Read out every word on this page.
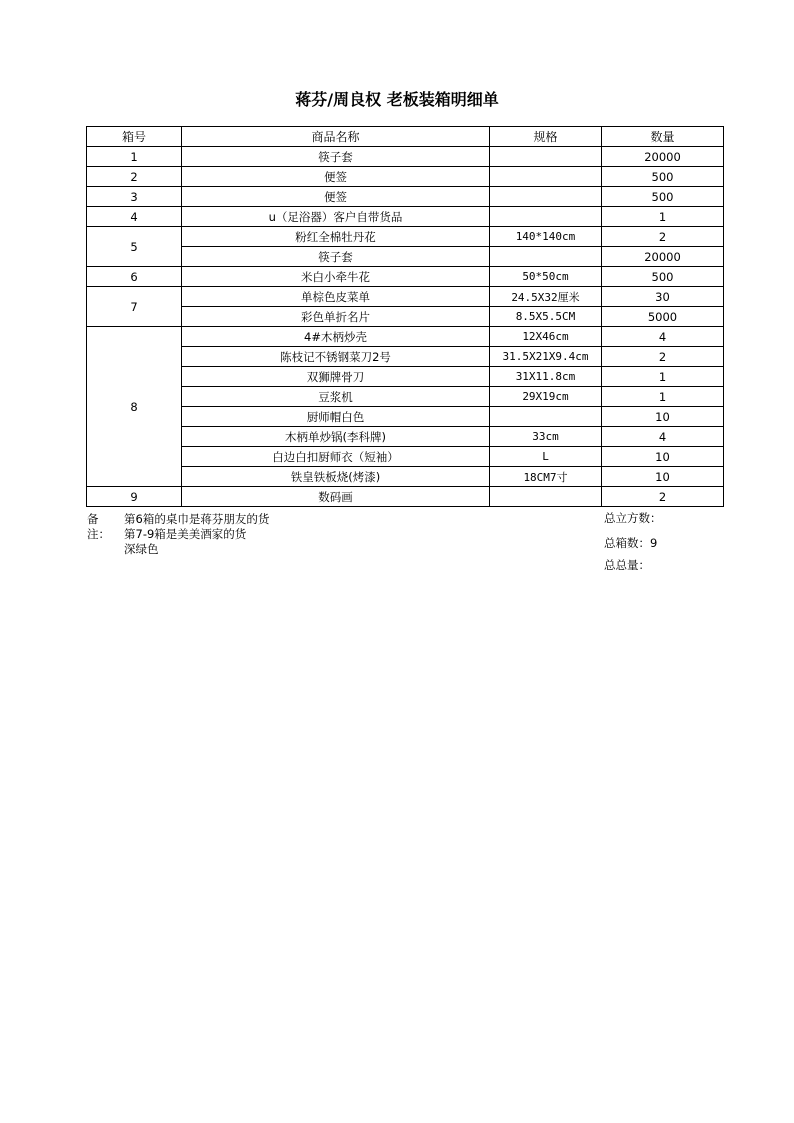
蒋芬/周良权 老板装箱明细单
箱号	商品名称	规格	数量
1	筷子套		20000
2	便签		500
3	便签		500
4	u（足浴器）客户自带货品		1
5	粉红全棉牡丹花	140*140cm	2
	筷子套		20000
6	米白小牵牛花	50*50cm	500
7	单棕色皮菜单	24.5X32厘米	30
	彩色单折名片	8.5X5.5CM	5000
8	4#木柄炒壳	12X46cm	4
	陈枝记不锈钢菜刀2号	31.5X21X9.4cm	2
	双狮牌骨刀	31X11.8cm	1
	豆浆机	29X19cm	1
	厨师帽白色		10
	木柄单炒锅(李科牌)	33cm	4
	白边白扣厨师衣（短袖）	L	10
	铁皇铁板烧(烤漆)	18CM7寸	10
9	数码画		2
备注：
第6箱的桌巾是蒋芬朋友的货
第7-9箱是美美酒家的货
深绿色
总立方数：
总箱数：9
总总量：
